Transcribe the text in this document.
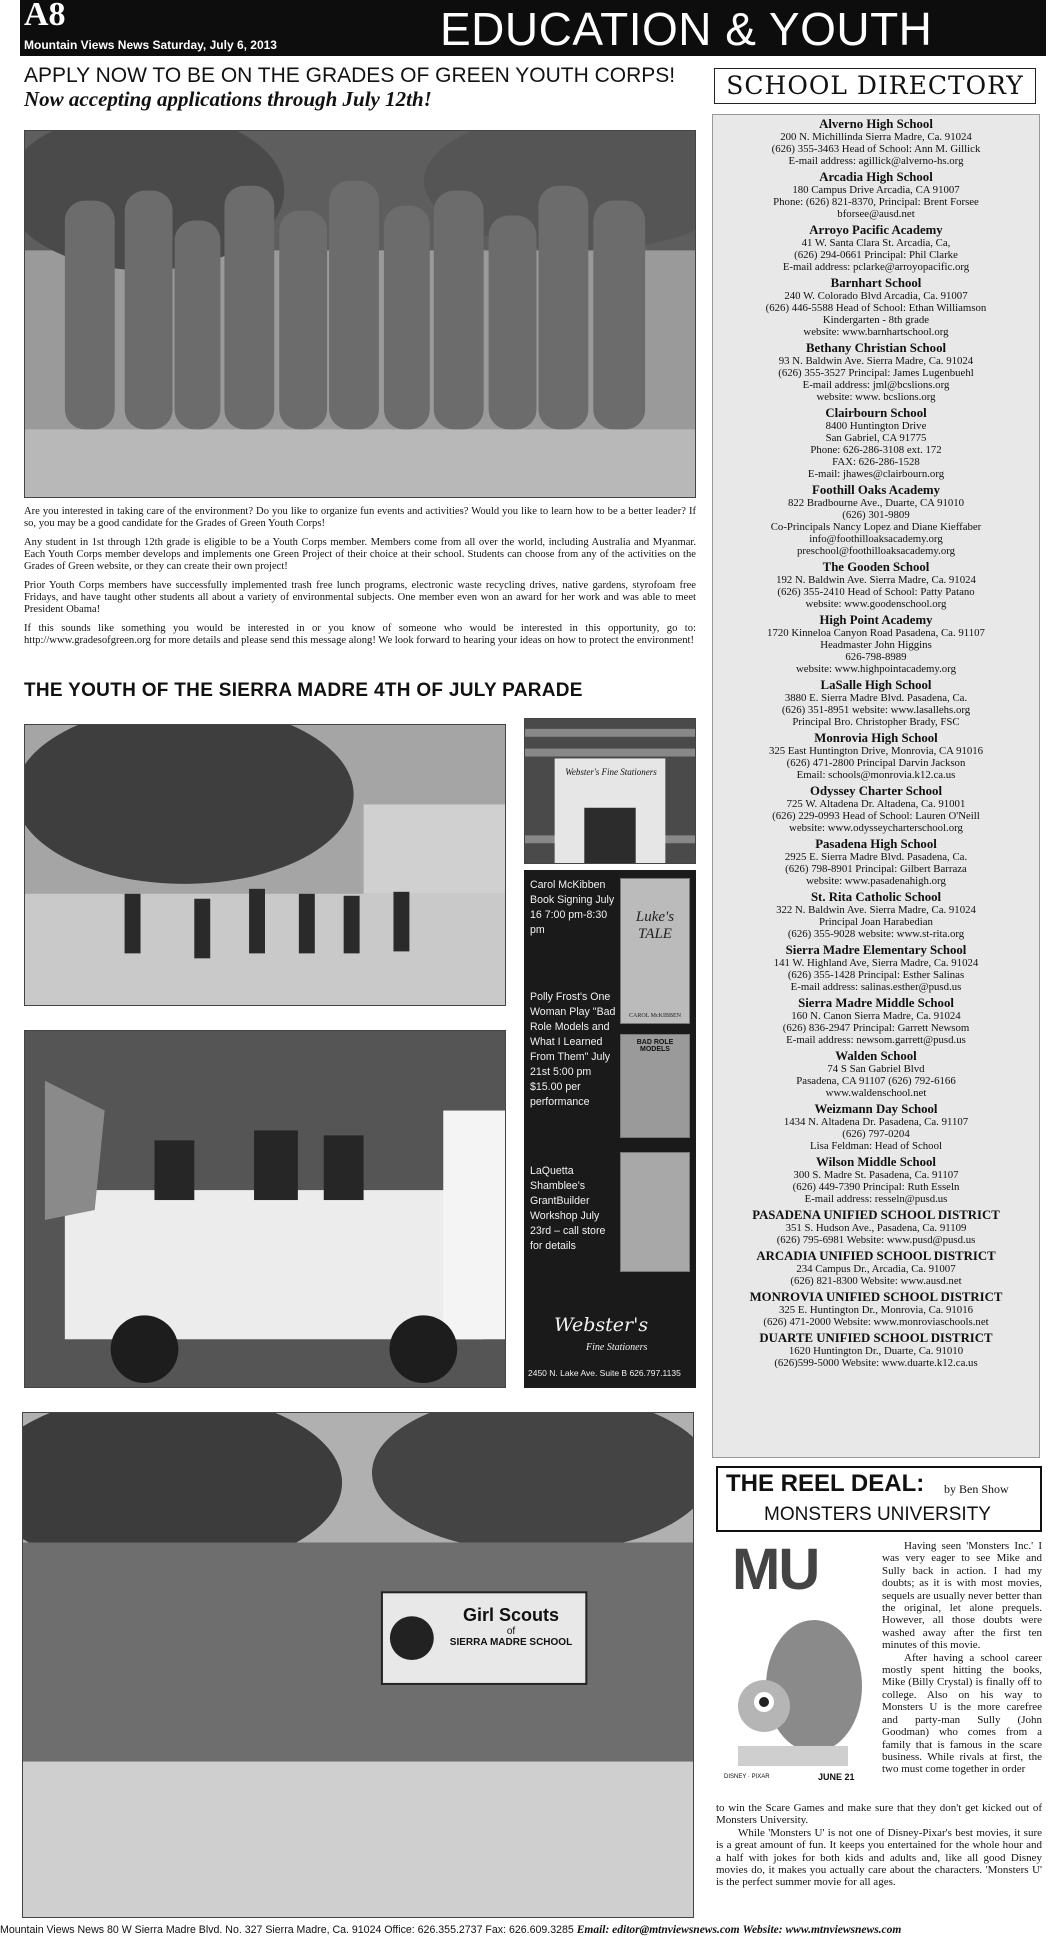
A8
Mountain Views News Saturday, July 6, 2013	EDUCATION & YOUTH
APPLY NOW TO BE ON THE GRADES OF GREEN YOUTH CORPS!
Now accepting applications through July 12th!

Are you interested in taking care of the environment? Do you like to organize fun events and activities? Would you like to learn how to be a better leader? If so, you may be a good candidate for the Grades of Green Youth Corps!

Any student in 1st through 12th grade is eligible to be a Youth Corps member. Members come from all over the world, including Australia and Myanmar. Each Youth Corps member develops and implements one Green Project of their choice at their school. Students can choose from any of the activities on the Grades of Green website, or they can create their own project!

Prior Youth Corps members have successfully implemented trash free lunch programs, electronic waste recycling drives, native gardens, styrofoam free Fridays, and have taught other students all about a variety of environmental subjects. One member even won an award for her work and was able to meet President Obama!

If this sounds like something you would be interested in or you know of someone who would be interested in this opportunity, go to: http://www.gradesofgreen.org for more details and please send this message along! We look forward to hearing your ideas on how to protect the environment!

THE YOUTH OF THE SIERRA MADRE 4TH OF JULY PARADE
Girl Scouts
of
SIERRA MADRE SCHOOL
Webster's Fine Stationers
Carol McKibben Book Signing July 16 7:00 pm-8:30 pm
Luke's TALE
CAROL McKIBBEN
Polly Frost's One Woman Play "Bad Role Models and What I Learned From Them" July 21st 5:00 pm $15.00 per performance
BAD ROLE MODELS
LaQuetta Shamblee's GrantBuilder Workshop July 23rd – call store for details
Webster's
Fine Stationers
2450 N. Lake Ave. Suite B 626.797.1135
SCHOOL DIRECTORY
Alverno High School
200 N. Michillinda Sierra Madre, Ca. 91024
(626) 355-3463 Head of School: Ann M. Gillick
E-mail address: agillick@alverno-hs.org
Arcadia High School
180 Campus Drive Arcadia, CA 91007
Phone: (626) 821-8370, Principal: Brent Forsee
bforsee@ausd.net
Arroyo Pacific Academy
41 W. Santa Clara St. Arcadia, Ca,
(626) 294-0661 Principal: Phil Clarke
E-mail address: pclarke@arroyopacific.org
Barnhart School
240 W. Colorado Blvd Arcadia, Ca. 91007
(626) 446-5588 Head of School: Ethan Williamson
Kindergarten - 8th grade
website: www.barnhartschool.org
Bethany Christian School
93 N. Baldwin Ave. Sierra Madre, Ca. 91024
(626) 355-3527 Principal: James Lugenbuehl
E-mail address: jml@bcslions.org
website: www. bcslions.org
Clairbourn School
8400 Huntington Drive
San Gabriel, CA 91775
Phone: 626-286-3108 ext. 172
FAX: 626-286-1528
E-mail: jhawes@clairbourn.org
Foothill Oaks Academy
822 Bradbourne Ave., Duarte, CA 91010
(626) 301-9809
Co-Principals Nancy Lopez and Diane Kieffaber
info@foothilloaksacademy.org
preschool@foothilloaksacademy.org
The Gooden School
192 N. Baldwin Ave. Sierra Madre, Ca. 91024
(626) 355-2410 Head of School: Patty Patano
website: www.goodenschool.org
High Point Academy
1720 Kinneloa Canyon Road Pasadena, Ca. 91107
Headmaster John Higgins
626-798-8989
website: www.highpointacademy.org
LaSalle High School
3880 E. Sierra Madre Blvd. Pasadena, Ca.
(626) 351-8951 website: www.lasallehs.org
Principal Bro. Christopher Brady, FSC
Monrovia High School
325 East Huntington Drive, Monrovia, CA 91016
(626) 471-2800 Principal Darvin Jackson
Email: schools@monrovia.k12.ca.us
Odyssey Charter School
725 W. Altadena Dr. Altadena, Ca. 91001
(626) 229-0993 Head of School: Lauren O'Neill
website: www.odysseycharterschool.org
Pasadena High School
2925 E. Sierra Madre Blvd. Pasadena, Ca.
(626) 798-8901 Principal: Gilbert Barraza
website: www.pasadenahigh.org
St. Rita Catholic School
322 N. Baldwin Ave. Sierra Madre, Ca. 91024
Principal Joan Harabedian
(626) 355-9028 website: www.st-rita.org
Sierra Madre Elementary School
141 W. Highland Ave, Sierra Madre, Ca. 91024
(626) 355-1428 Principal: Esther Salinas
E-mail address: salinas.esther@pusd.us
Sierra Madre Middle School
160 N. Canon Sierra Madre, Ca. 91024
(626) 836-2947 Principal: Garrett Newsom
E-mail address: newsom.garrett@pusd.us
Walden School
74 S San Gabriel Blvd
Pasadena, CA 91107 (626) 792-6166
www.waldenschool.net
Weizmann Day School
1434 N. Altadena Dr. Pasadena, Ca. 91107
(626) 797-0204
Lisa Feldman: Head of School
Wilson Middle School
300 S. Madre St. Pasadena, Ca. 91107
(626) 449-7390 Principal: Ruth Esseln
E-mail address: resseln@pusd.us
PASADENA UNIFIED SCHOOL DISTRICT
351 S. Hudson Ave., Pasadena, Ca. 91109
(626) 795-6981 Website: www.pusd@pusd.us
ARCADIA UNIFIED SCHOOL DISTRICT
234 Campus Dr., Arcadia, Ca. 91007
(626) 821-8300 Website: www.ausd.net
MONROVIA UNIFIED SCHOOL DISTRICT
325 E. Huntington Dr., Monrovia, Ca. 91016
(626) 471-2000 Website: www.monroviaschools.net
DUARTE UNIFIED SCHOOL DISTRICT
1620 Huntington Dr., Duarte, Ca. 91010
(626)599-5000 Website: www.duarte.k12.ca.us
THE REEL DEAL: by Ben Show
MONSTERS UNIVERSITY
MU
JUNE 21
DISNEY · PIXAR

Having seen 'Monsters Inc.' I was very eager to see Mike and Sully back in action. I had my doubts; as it is with most movies, sequels are usually never better than the original, let alone prequels. However, all those doubts were washed away after the first ten minutes of this movie.

After having a school career mostly spent hitting the books, Mike (Billy Crystal) is finally off to college. Also on his way to Monsters U is the more carefree and party-man Sully (John Goodman) who comes from a family that is famous in the scare business. While rivals at first, the two must come together in order

to win the Scare Games and make sure that they don't get kicked out of Monsters University.

While 'Monsters U' is not one of Disney-Pixar's best movies, it sure is a great amount of fun. It keeps you entertained for the whole hour and a half with jokes for both kids and adults and, like all good Disney movies do, it makes you actually care about the characters. 'Monsters U' is the perfect summer movie for all ages.

Mountain Views News 80 W Sierra Madre Blvd. No. 327 Sierra Madre, Ca. 91024 Office: 626.355.2737 Fax: 626.609.3285 Email: editor@mtnviewsnews.com Website: www.mtnviewsnews.com
